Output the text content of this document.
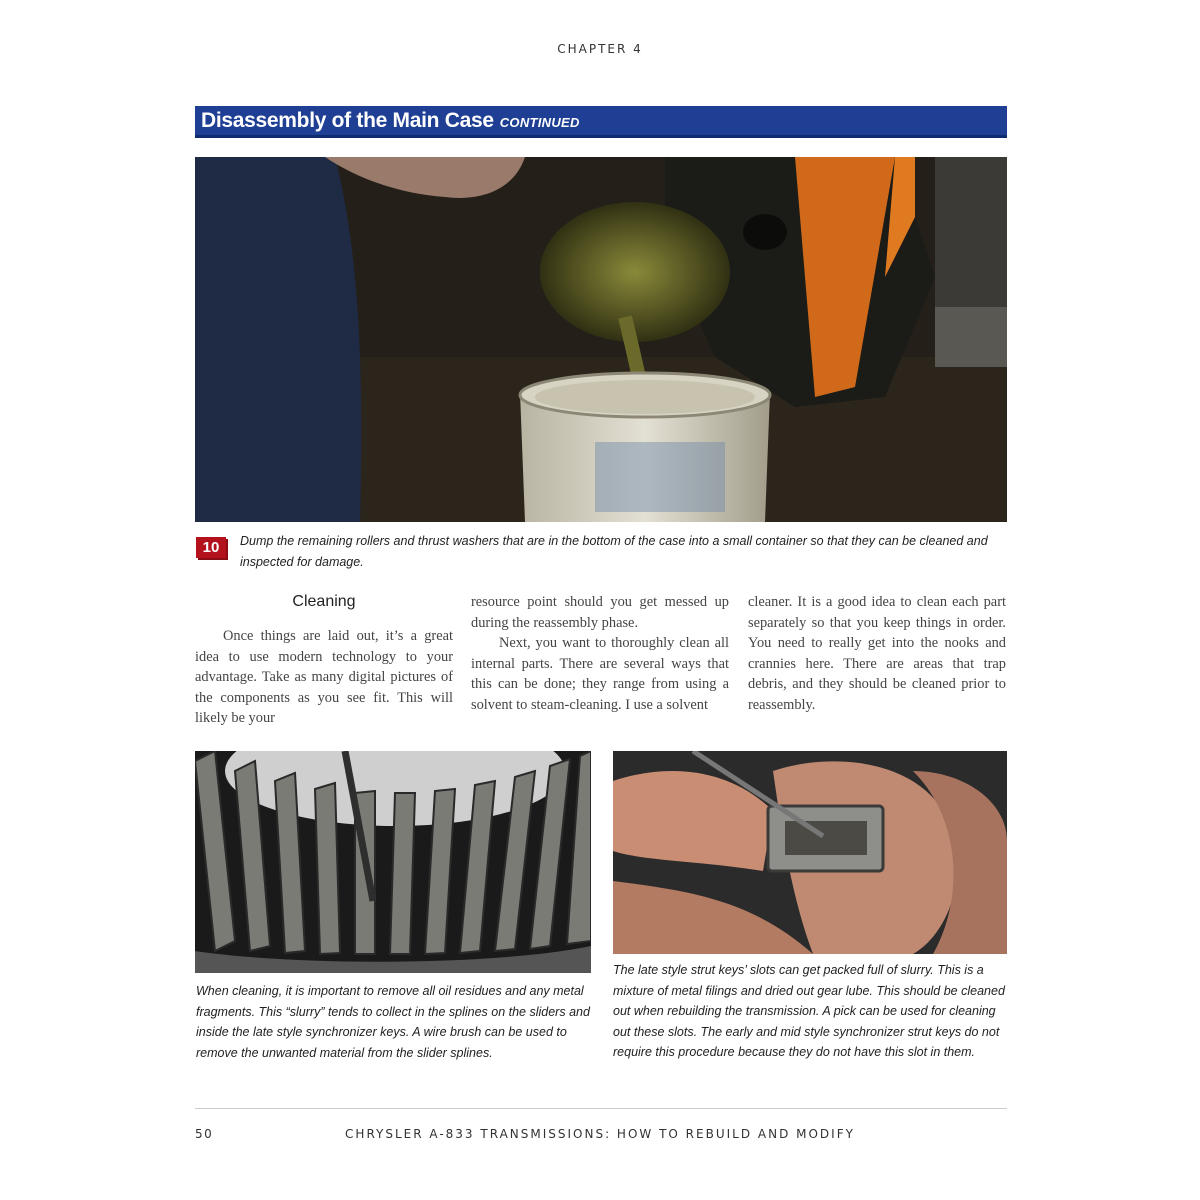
CHAPTER 4
Disassembly of the Main Case CONTINUED
10	Dump the remaining rollers and thrust washers that are in the bottom of the case into a small container so that they can be cleaned and inspected for damage.
Cleaning

Once things are laid out, it’s a great idea to use modern technology to your advantage. Take as many digital pictures of the components as you see fit. This will likely be your

resource point should you get messed up during the reassembly phase.

Next, you want to thoroughly clean all internal parts. There are several ways that this can be done; they range from using a solvent to steam-cleaning. I use a solvent

cleaner. It is a good idea to clean each part separately so that you keep things in order. You need to really get into the nooks and crannies here. There are areas that trap debris, and they should be cleaned prior to reassembly.

When cleaning, it is important to remove all oil residues and any metal fragments. This “slurry” tends to collect in the splines on the sliders and inside the late style synchronizer keys. A wire brush can be used to remove the unwanted material from the slider splines.
The late style strut keys’ slots can get packed full of slurry. This is a mixture of metal filings and dried out gear lube. This should be cleaned out when rebuilding the transmission. A pick can be used for cleaning out these slots. The early and mid style synchronizer strut keys do not require this procedure because they do not have this slot in them.
50	CHRYSLER A-833 TRANSMISSIONS: HOW TO REBUILD AND MODIFY
